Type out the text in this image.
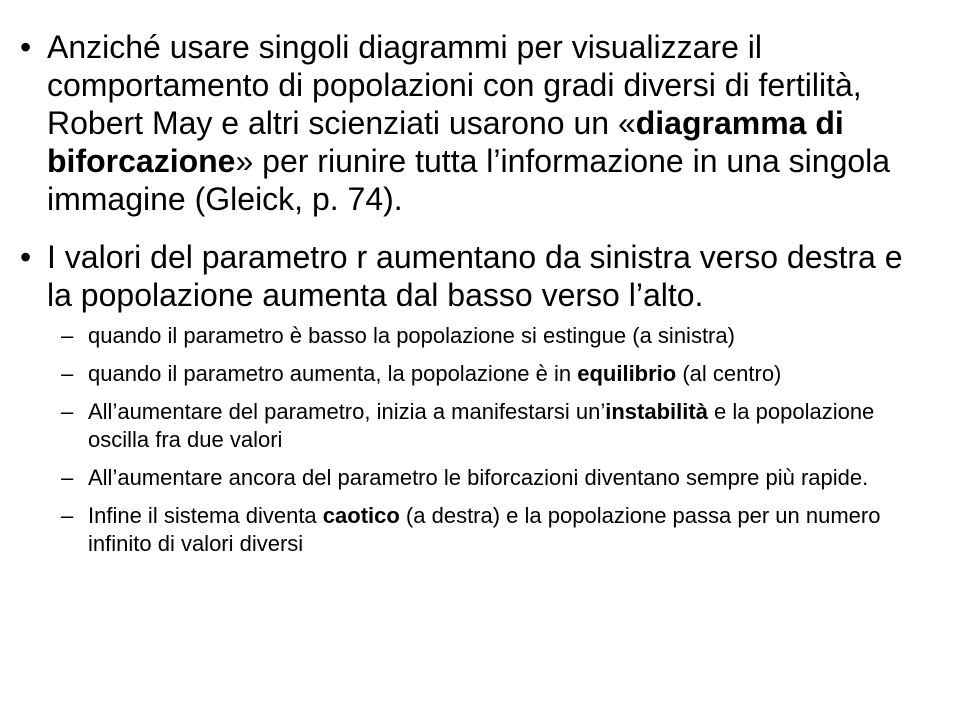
• Anziché usare singoli diagrammi per visualizzare il comportamento di popolazioni con gradi diversi di fertilità, Robert May e altri scienziati usarono un «diagramma di biforcazione» per riunire tutta l’informazione in una singola immagine (Gleick, p. 74).
• I valori del parametro r aumentano da sinistra verso destra e la popolazione aumenta dal basso verso l’alto.
– quando il parametro è basso la popolazione si estingue (a sinistra)
– quando il parametro aumenta, la popolazione è in equilibrio (al centro)
– All’aumentare del parametro, inizia a manifestarsi un’instabilità e la popolazione oscilla fra due valori
– All’aumentare ancora del parametro le biforcazioni diventano sempre più rapide.
– Infine il sistema diventa caotico (a destra) e la popolazione passa per un numero infinito di valori diversi
